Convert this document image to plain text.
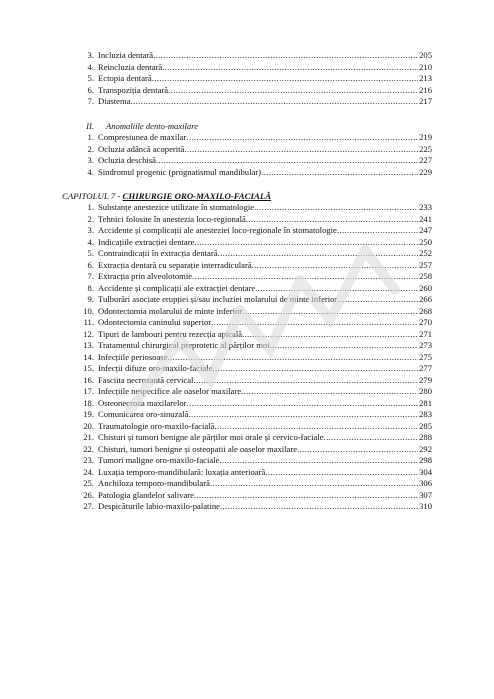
3. Incluzia dentară .....	205
4. Reincluzia dentară .....	210
5. Ectopia dentară .....	213
6. Transpoziția dentară .....	216
7. Diastema .....	217
II. Anomaliile dento-maxilare
1. Compresiunea de maxilar .....	219
2. Ocluzia adâncă acoperită .....	225
3. Ocluzia deschisă .....	227
4. Sindromul progenic (prognatismul mandibular) .....	229
CAPITOLUL 7 - CHIRURGIE ORO-MAXILO-FACIALĂ
1. Substanțe anestezice utilizate în stomatologie .....	233
2. Tehnici folosite în anestezia loco-regională .....	241
3. Accidente și complicații ale anesteziei loco-regionale în stomatologie .....	247
4. Indicațiile extracției dentare .....	250
5. Contraindicații în extracția dentară .....	252
6. Extracția dentară cu separație interradiculară .....	257
7. Extracția prin alveolotomie .....	258
8. Accidente și complicații ale extracției dentare .....	260
9. Tulburări asociate erupției și/sau incluziei molarului de minte inferior .....	266
10. Odontectomia molarului de minte inferior .....	268
11. Odontectomia caninului superior .....	270
12. Tipuri de lambouri pentru rezecția apicală .....	271
13. Tratamentul chirurgical preprotetic al părților moi .....	273
14. Infecțiile periosoase .....	275
15. Infecții difuze oro-maxilo-faciale .....	277
16. Fasciita necrozantă cervical .....	279
17. Infecțiile nespecifice ale oaselor maxilare .....	280
18. Osteonecroza maxilarelor .....	281
19. Comunicarea oro-sinuzală .....	283
20. Traumatologie oro-maxilo-facială .....	285
21. Chisturi și tumori benigne ale părților moi orale și cervico-faciale .....	288
22. Chisturi, tumori benigne și osteopatii ale oaselor maxilare .....	292
23. Tumori maligne oro-maxilo-faciale .....	298
24. Luxația temporo-mandibulară: luxația anterioară .....	304
25. Anchiloza temporo-mandibulară .....	306
26. Patologia glandelor salivare .....	307
27. Despicăturile labio-maxilo-palatine .....	310
